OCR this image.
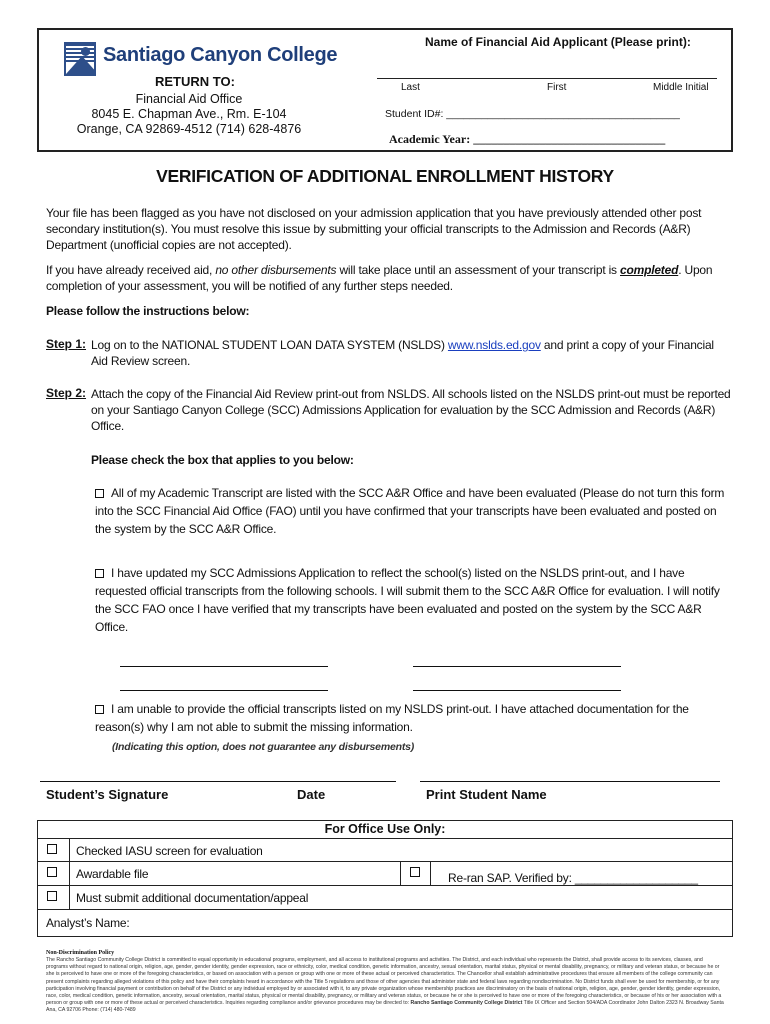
Santiago Canyon College
RETURN TO:
Financial Aid Office
8045 E. Chapman Ave., Rm. E-104
Orange, CA 92869-4512 (714) 628-4876
Name of Financial Aid Applicant (Please print):
Last	First	Middle Initial
Student ID#: ________________________________________
Academic Year: ________________________________
VERIFICATION OF ADDITIONAL ENROLLMENT HISTORY
Your file has been flagged as you have not disclosed on your admission application that you have previously attended other post secondary institution(s). You must resolve this issue by submitting your official transcripts to the Admission and Records (A&R) Department (unofficial copies are not accepted).
If you have already received aid, no other disbursements will take place until an assessment of your transcript is completed. Upon completion of your assessment, you will be notified of any further steps needed.
Please follow the instructions below:
Step 1: Log on to the NATIONAL STUDENT LOAN DATA SYSTEM (NSLDS) www.nslds.ed.gov and print a copy of your Financial Aid Review screen.
Step 2: Attach the copy of the Financial Aid Review print-out from NSLDS. All schools listed on the NSLDS print-out must be reported on your Santiago Canyon College (SCC) Admissions Application for evaluation by the SCC Admission and Records (A&R) Office.
Please check the box that applies to you below:
All of my Academic Transcript are listed with the SCC A&R Office and have been evaluated (Please do not turn this form into the SCC Financial Aid Office (FAO) until you have confirmed that your transcripts have been evaluated and posted on the system by the SCC A&R Office.
I have updated my SCC Admissions Application to reflect the school(s) listed on the NSLDS print-out, and I have requested official transcripts from the following schools. I will submit them to the SCC A&R Office for evaluation. I will notify the SCC FAO once I have verified that my transcripts have been evaluated and posted on the system by the SCC A&R Office.
I am unable to provide the official transcripts listed on my NSLDS print-out. I have attached documentation for the reason(s) why I am not able to submit the missing information.
(Indicating this option, does not guarantee any disbursements)
Student’s Signature	Date	Print Student Name
For Office Use Only:
Checked IASU screen for evaluation
Awardable file	Re-ran SAP. Verified by: ___________________
Must submit additional documentation/appeal
Analyst’s Name:
Non-Discrimination Policy
The Rancho Santiago Community College District is committed to equal opportunity in educational programs, employment, and all access to institutional programs and activities. The District, and each individual who represents the District, shall provide access to its services, classes, and programs without regard to national origin, religion, age, gender, gender identity, gender expression, race or ethnicity, color, medical condition, genetic information, ancestry, sexual orientation, marital status, physical or mental disability, pregnancy, or military and veteran status, or because he or she is perceived to have one or more of the foregoing characteristics, or based on association with a person or group with one or more of these actual or perceived characteristics. The Chancellor shall establish administrative procedures that ensure all members of the college community can present complaints regarding alleged violations of this policy and have their complaints heard in accordance with the Title 5 regulations and those of other agencies that administer state and federal laws regarding nondiscrimination. No District funds shall ever be used for membership, or for any participation involving financial payment or contribution on behalf of the District or any individual employed by or associated with it, to any private organization whose membership practices are discriminatory on the basis of national origin, religion, age, gender, gender identity, gender expression, race, color, medical condition, genetic information, ancestry, sexual orientation, marital status, physical or mental disability, pregnancy, or military and veteran status, or because he or she is perceived to have one or more of the foregoing characteristics, or because of his or her association with a person or group with one or more of these actual or perceived characteristics. Inquiries regarding compliance and/or grievance procedures may be directed to: Rancho Santiago Community College District Title IX Officer and Section 504/ADA Coordinator John Dalton 2323 N. Broadway Santa Ana, CA 92706 Phone: (714) 480-7489
